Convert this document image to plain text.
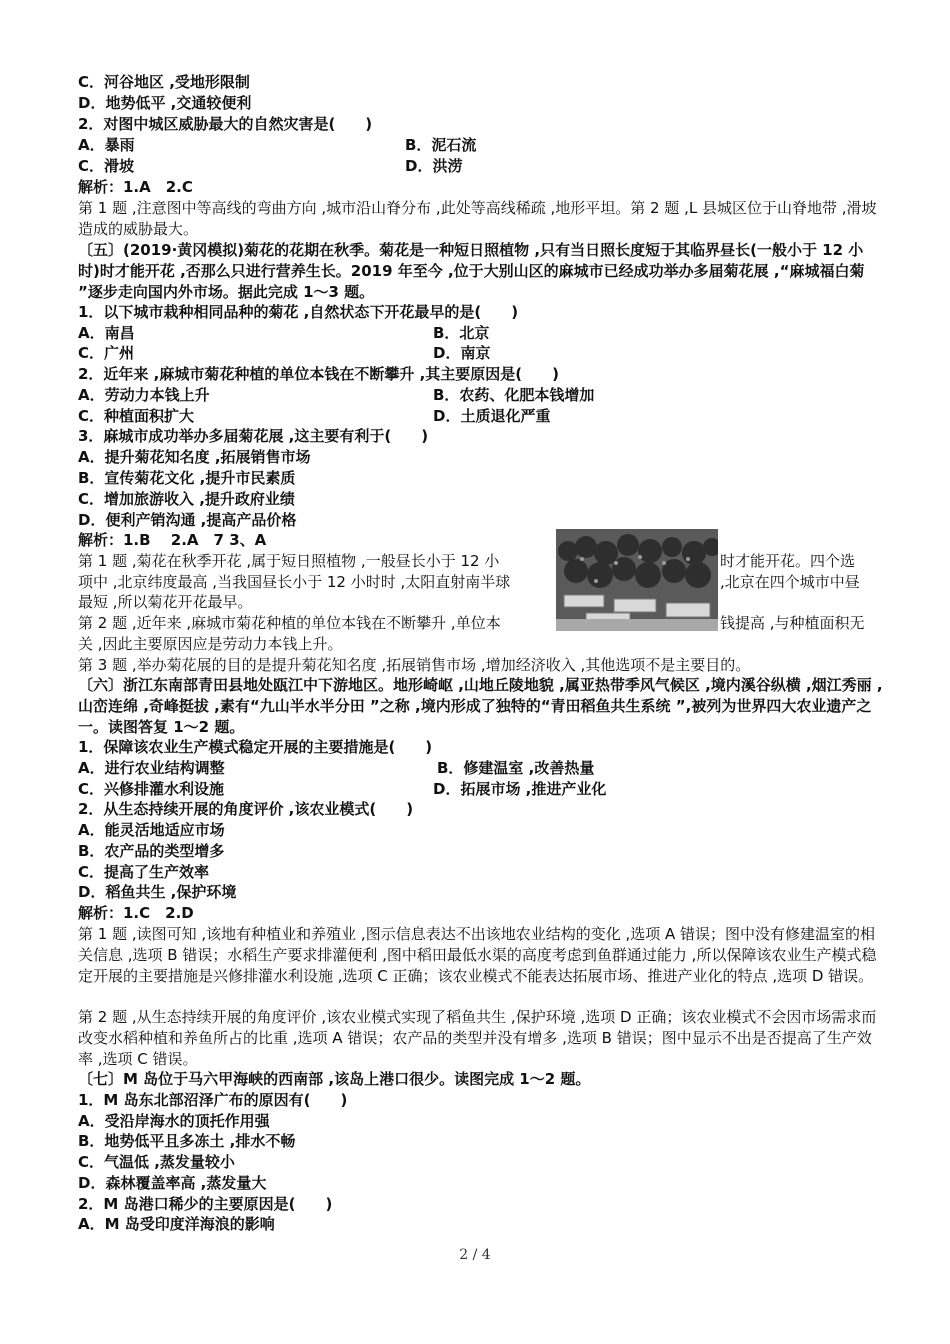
C．河谷地区 ,受地形限制
D．地势低平 ,交通较便利
2．对图中城区威胁最大的自然灾害是(　　)
A．暴雨	B．泥石流
C．滑坡	D．洪涝
解析：1.A　2.C
第 1 题 ,注意图中等高线的弯曲方向 ,城市沿山脊分布 ,此处等高线稀疏 ,地形平坦。第 2 题 ,L 县城区位于山脊地带 ,滑坡造成的威胁最大。
〔五〕(2019·黄冈模拟)菊花的花期在秋季。菊花是一种短日照植物 ,只有当日照长度短于其临界昼长(一般小于 12 小时)时才能开花 ,否那么只进行营养生长。2019 年至今 ,位于大别山区的麻城市已经成功举办多届菊花展 ,“麻城福白菊 ”逐步走向国内外市场。据此完成 1～3 题。
1．以下城市栽种相同品种的菊花 ,自然状态下开花最早的是(　　)
A．南昌	B．北京
C．广州	D．南京
2．近年来 ,麻城市菊花种植的单位本钱在不断攀升 ,其主要原因是(　　)
A．劳动力本钱上升	B．农药、化肥本钱增加
C．种植面积扩大	D．土质退化严重
3．麻城市成功举办多届菊花展 ,这主要有利于(　　)
A．提升菊花知名度 ,拓展销售市场
B．宣传菊花文化 ,提升市民素质
C．增加旅游收入 ,提升政府业绩
D．便利产销沟通 ,提高产品价格
解析：1.B　 2.A　7 3、A
第 1 题 ,菊花在秋季开花 ,属于短日照植物 ,一般昼长小于 12 小	时才能开花。四个选
项中 ,北京纬度最高 ,当我国昼长小于 12 小时时 ,太阳直射南半球	,北京在四个城市中昼
最短 ,所以菊花开花最早。
第 2 题 ,近年来 ,麻城市菊花种植的单位本钱在不断攀升 ,单位本	钱提高 ,与种植面积无
关 ,因此主要原因应是劳动力本钱上升。
第 3 题 ,举办菊花展的目的是提升菊花知名度 ,拓展销售市场 ,增加经济收入 ,其他选项不是主要目的。
〔六〕浙江东南部青田县地处瓯江中下游地区。地形崎岖 ,山地丘陵地貌 ,属亚热带季风气候区 ,境内溪谷纵横 ,烟江秀丽 ,山峦连绵 ,奇峰挺拔 ,素有“九山半水半分田 ”之称 ,境内形成了独特的“青田稻鱼共生系统 ”,被列为世界四大农业遗产之一。读图答复 1～2 题。
1．保障该农业生产模式稳定开展的主要措施是(　　)
A．进行农业结构调整	B．修建温室 ,改善热量
C．兴修排灌水利设施	D．拓展市场 ,推进产业化
2．从生态持续开展的角度评价 ,该农业模式(　　)
A．能灵活地适应市场
B．农产品的类型增多
C．提高了生产效率
D．稻鱼共生 ,保护环境
解析：1.C　2.D
第 1 题 ,读图可知 ,该地有种植业和养殖业 ,图示信息表达不出该地农业结构的变化 ,选项 A 错误；图中没有修建温室的相关信息 ,选项 B 错误；水稻生产要求排灌便利 ,图中稻田最低水渠的高度考虑到鱼群通过能力 ,所以保障该农业生产模式稳定开展的主要措施是兴修排灌水利设施 ,选项 C 正确；该农业模式不能表达拓展市场、推进产业化的特点 ,选项 D 错误。
第 2 题 ,从生态持续开展的角度评价 ,该农业模式实现了稻鱼共生 ,保护环境 ,选项 D 正确；该农业模式不会因市场需求而改变水稻种植和养鱼所占的比重 ,选项 A 错误；农产品的类型并没有增多 ,选项 B 错误；图中显示不出是否提高了生产效率 ,选项 C 错误。
〔七〕M 岛位于马六甲海峡的西南部 ,该岛上港口很少。读图完成 1～2 题。
1．M 岛东北部沼泽广布的原因有(　　)
A．受沿岸海水的顶托作用强
B．地势低平且多冻土 ,排水不畅
C．气温低 ,蒸发量较小
D．森林覆盖率高 ,蒸发量大
2．M 岛港口稀少的主要原因是(　　)
A．M 岛受印度洋海浪的影响
2 / 4
